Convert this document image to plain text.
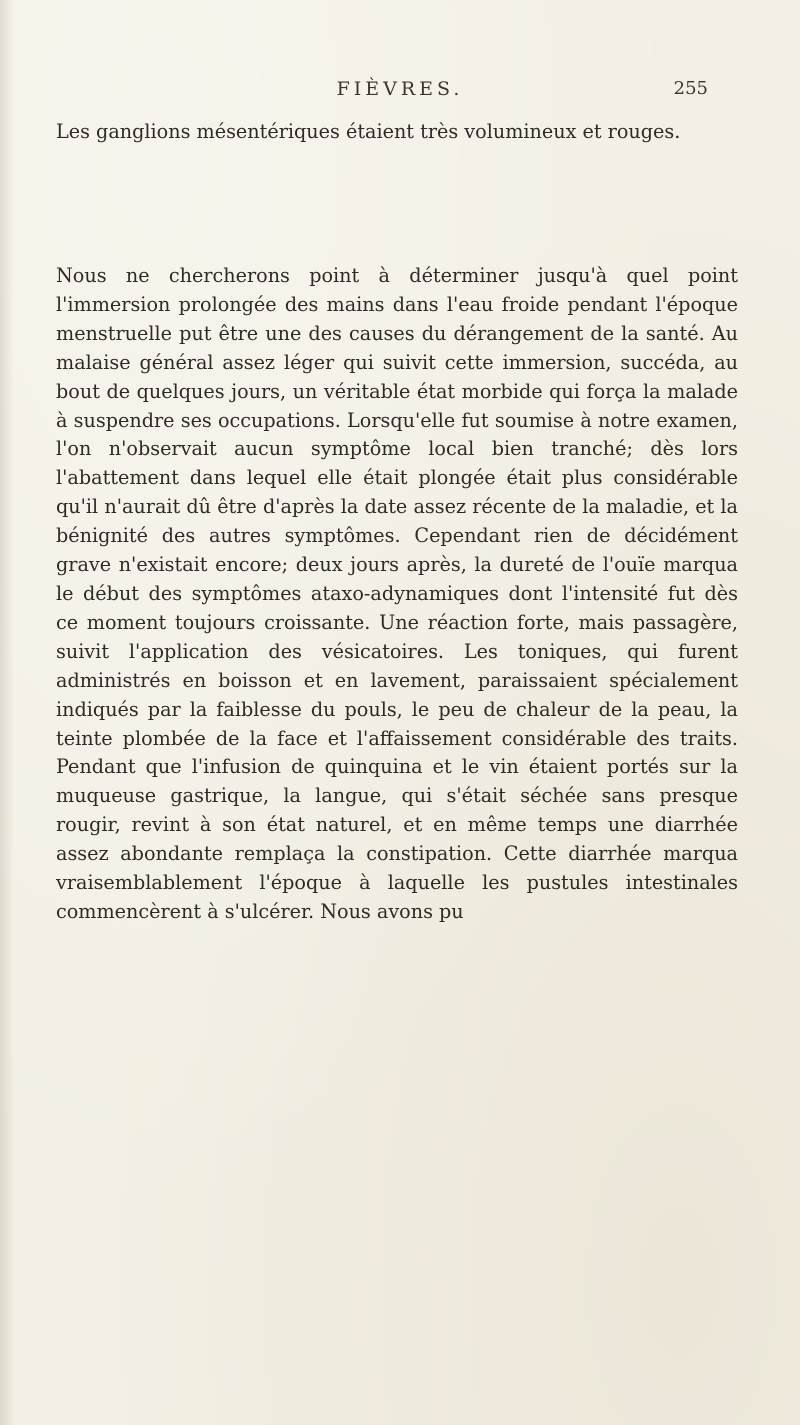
FIÈVRES.	255

Les ganglions mésentériques étaient très volumineux et rouges.

Nous ne chercherons point à déterminer jusqu'à quel point l'immersion prolongée des mains dans l'eau froide pendant l'époque menstruelle put être une des causes du dérangement de la santé. Au malaise général assez léger qui suivit cette immersion, succéda, au bout de quelques jours, un véritable état morbide qui força la malade à suspendre ses occupations. Lorsqu'elle fut soumise à notre examen, l'on n'observait aucun symptôme local bien tranché; dès lors l'abattement dans lequel elle était plongée était plus considérable qu'il n'aurait dû être d'après la date assez récente de la maladie, et la bénignité des autres symptômes. Cependant rien de décidément grave n'existait encore; deux jours après, la dureté de l'ouïe marqua le début des symptômes ataxo-adynamiques dont l'intensité fut dès ce moment toujours croissante. Une réaction forte, mais passagère, suivit l'application des vésicatoires. Les toniques, qui furent administrés en boisson et en lavement, paraissaient spécialement indiqués par la faiblesse du pouls, le peu de chaleur de la peau, la teinte plombée de la face et l'affaissement considérable des traits. Pendant que l'infusion de quinquina et le vin étaient portés sur la muqueuse gastrique, la langue, qui s'était séchée sans presque rougir, revint à son état naturel, et en même temps une diarrhée assez abondante remplaça la constipation. Cette diarrhée marqua vraisemblablement l'époque à laquelle les pustules intestinales commencèrent à s'ulcérer. Nous avons pu
